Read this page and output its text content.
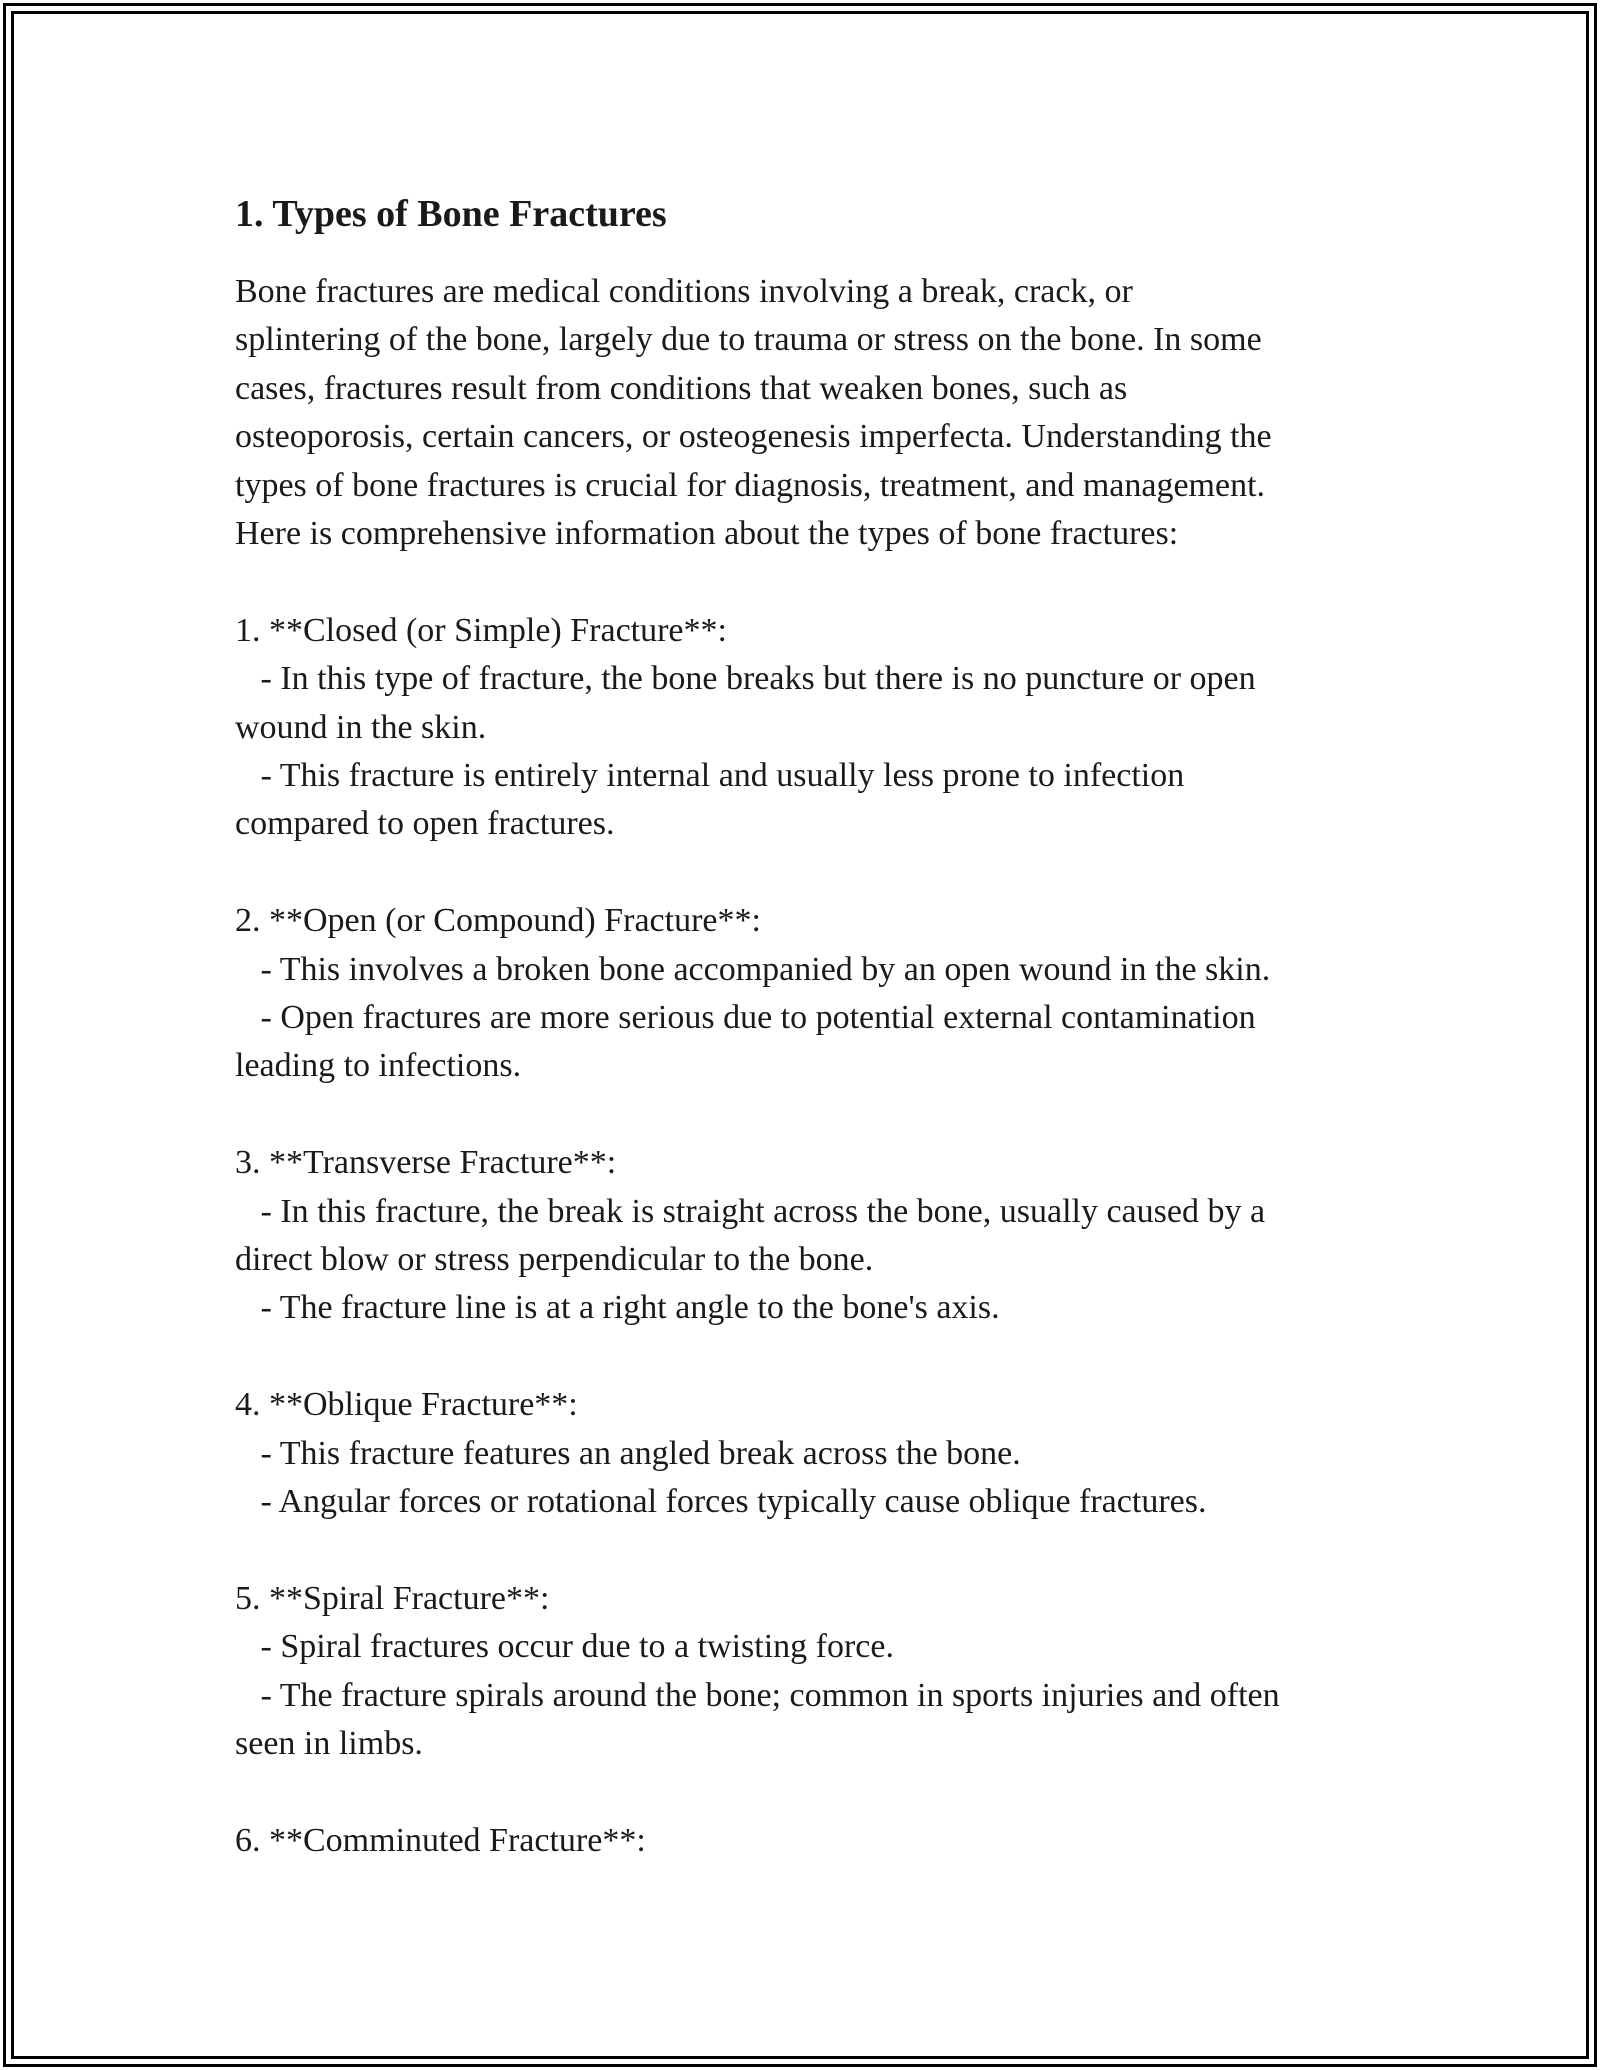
1. Types of Bone Fractures

Bone fractures are medical conditions involving a break, crack, or
splintering of the bone, largely due to trauma or stress on the bone. In some
cases, fractures result from conditions that weaken bones, such as
osteoporosis, certain cancers, or osteogenesis imperfecta. Understanding the
types of bone fractures is crucial for diagnosis, treatment, and management.
Here is comprehensive information about the types of bone fractures:

1. **Closed (or Simple) Fracture**:

- In this type of fracture, the bone breaks but there is no puncture or open
wound in the skin.
- This fracture is entirely internal and usually less prone to infection
compared to open fractures.

2. **Open (or Compound) Fracture**:

- This involves a broken bone accompanied by an open wound in the skin.
- Open fractures are more serious due to potential external contamination
leading to infections.

3. **Transverse Fracture**:

- In this fracture, the break is straight across the bone, usually caused by a
direct blow or stress perpendicular to the bone.
- The fracture line is at a right angle to the bone's axis.

4. **Oblique Fracture**:

- This fracture features an angled break across the bone.
- Angular forces or rotational forces typically cause oblique fractures.

5. **Spiral Fracture**:

- Spiral fractures occur due to a twisting force.
- The fracture spirals around the bone; common in sports injuries and often
seen in limbs.

6. **Comminuted Fracture**:
